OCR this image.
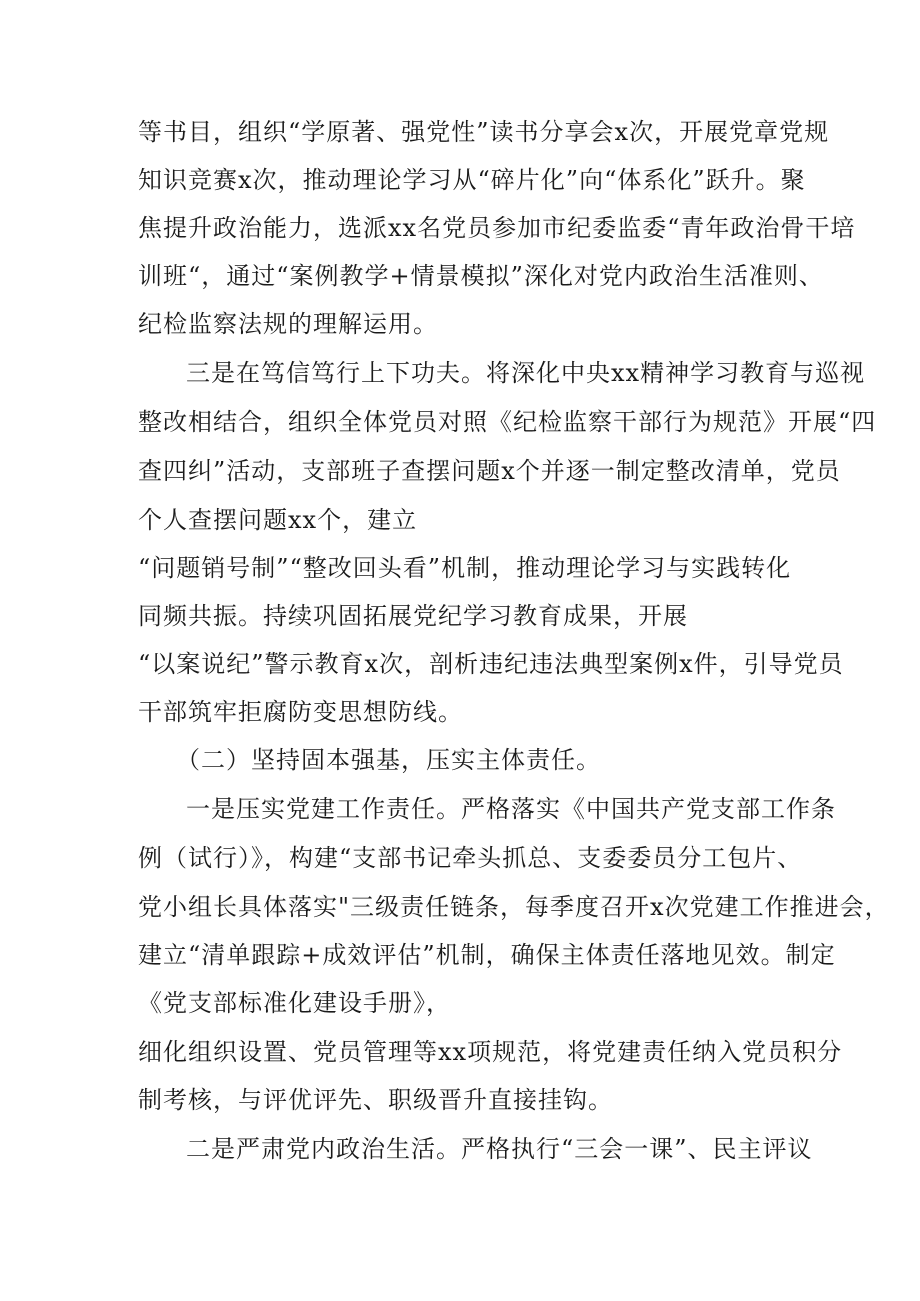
等书目，组织“学原著、强党性”读书分享会x次，开展党章党规
知识竞赛x次，推动理论学习从“碎片化”向“体系化”跃升。聚
焦提升政治能力，选派xx名党员参加市纪委监委“青年政治骨干培
训班“，通过“案例教学+情景模拟”深化对党内政治生活准则、
纪检监察法规的理解运用。
三是在笃信笃行上下功夫。将深化中央xx精神学习教育与巡视
整改相结合，组织全体党员对照《纪检监察干部行为规范》开展“四
查四纠”活动，支部班子查摆问题x个并逐一制定整改清单，党员
个人查摆问题xx个，建立
“问题销号制”“整改回头看”机制，推动理论学习与实践转化
同频共振。持续巩固拓展党纪学习教育成果，开展
“以案说纪”警示教育x次，剖析违纪违法典型案例x件，引导党员
干部筑牢拒腐防变思想防线。
（二）坚持固本强基，压实主体责任。
一是压实党建工作责任。严格落实《中国共产党支部工作条
例（试行）》，构建“支部书记牵头抓总、支委委员分工包片、
党小组长具体落实"三级责任链条，每季度召开x次党建工作推进会，
建立“清单跟踪+成效评估”机制，确保主体责任落地见效。制定
《党支部标准化建设手册》，
细化组织设置、党员管理等xx项规范，将党建责任纳入党员积分
制考核，与评优评先、职级晋升直接挂钩。
二是严肃党内政治生活。严格执行“三会一课”、民主评议
